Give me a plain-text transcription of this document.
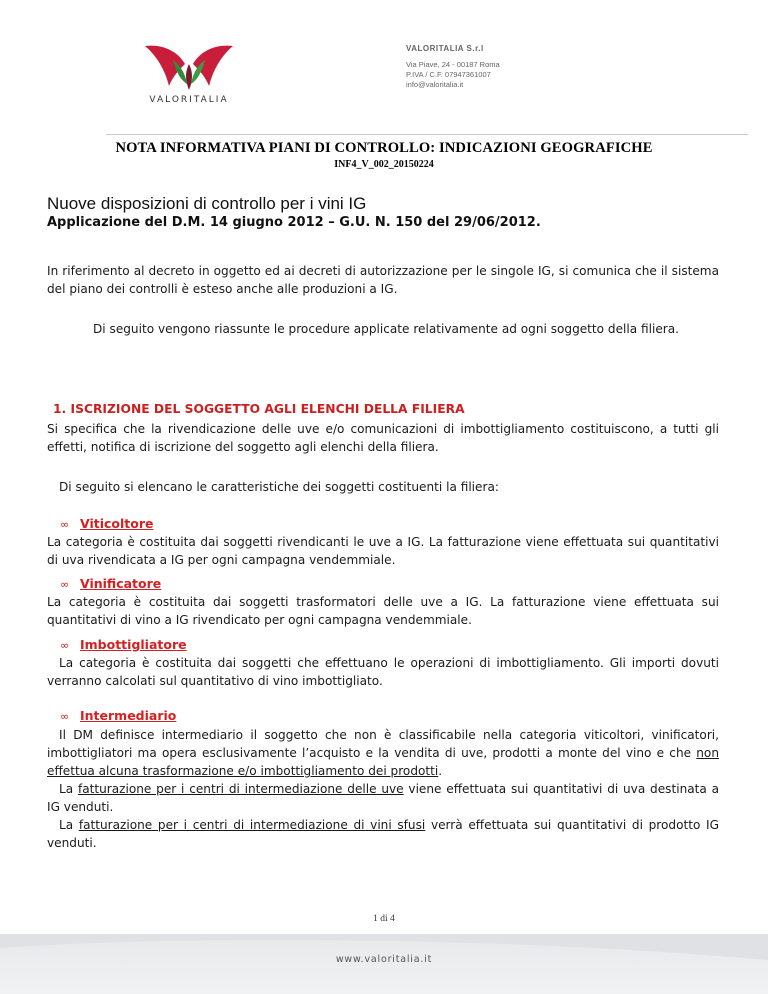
VALORITALIA
VALORITALIA S.r.l
Via Piave, 24 - 00187 Roma
P.IVA / C.F. 07947361007
info@valoritalia.it
NOTA INFORMATIVA PIANI DI CONTROLLO: INDICAZIONI GEOGRAFICHE
INF4_V_002_20150224
Nuove disposizioni di controllo per i vini IG
Applicazione del D.M. 14 giugno 2012 – G.U. N. 150 del 29/06/2012.

In riferimento al decreto in oggetto ed ai decreti di autorizzazione per le singole IG, si comunica che il sistema del piano dei controlli è esteso anche alle produzioni a IG.

Di seguito vengono riassunte le procedure applicate relativamente ad ogni soggetto della filiera.

1. ISCRIZIONE DEL SOGGETTO AGLI ELENCHI DELLA FILIERA

Si specifica che la rivendicazione delle uve e/o comunicazioni di imbottigliamento costituiscono, a tutti gli effetti, notifica di iscrizione del soggetto agli elenchi della filiera.

Di seguito si elencano le caratteristiche dei soggetti costituenti la filiera:

∞ Viticoltore

La categoria è costituita dai soggetti rivendicanti le uve a IG. La fatturazione viene effettuata sui quantitativi di uva rivendicata a IG per ogni campagna vendemmiale.

∞ Vinificatore

La categoria è costituita dai soggetti trasformatori delle uve a IG. La fatturazione viene effettuata sui quantitativi di vino a IG rivendicato per ogni campagna vendemmiale.

∞ Imbottigliatore

La categoria è costituita dai soggetti che effettuano le operazioni di imbottigliamento. Gli importi dovuti verranno calcolati sul quantitativo di vino imbottigliato.

∞ Intermediario

Il DM definisce intermediario il soggetto che non è classificabile nella categoria viticoltori, vinificatori, imbottigliatori ma opera esclusivamente l’acquisto e la vendita di uve, prodotti a monte del vino e che non effettua alcuna trasformazione e/o imbottigliamento dei prodotti.

La fatturazione per i centri di intermediazione delle uve viene effettuata sui quantitativi di uva destinata a IG venduti.

La fatturazione per i centri di intermediazione di vini sfusi verrà effettuata sui quantitativi di prodotto IG venduti.

1 di 4
www.valoritalia.it
